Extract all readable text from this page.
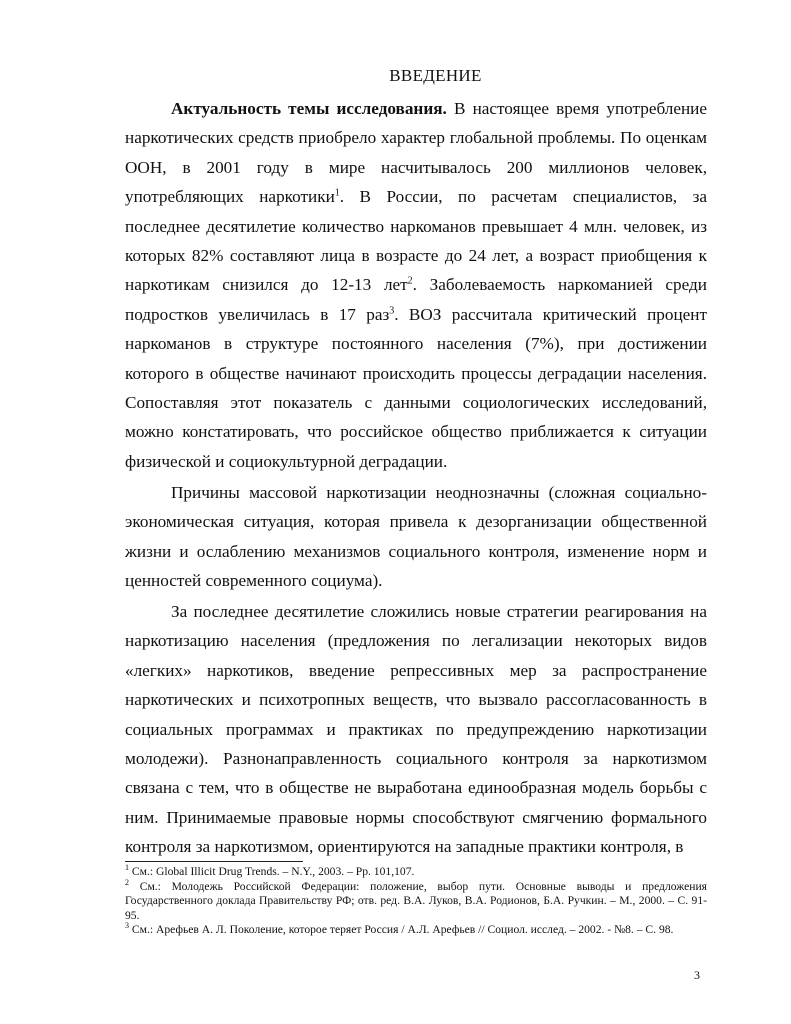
ВВЕДЕНИЕ

Актуальность темы исследования. В настоящее время употребление наркотических средств приобрело характер глобальной проблемы. По оценкам ООН, в 2001 году в мире насчитывалось 200 миллионов человек, употребляющих наркотики$^1$. В России, по расчетам специалистов, за последнее десятилетие количество наркоманов превышает 4 млн. человек, из которых 82% составляют лица в возрасте до 24 лет, а возраст приобщения к наркотикам снизился до 12-13 лет$^2$. Заболеваемость наркоманией среди подростков увеличилась в 17 раз$^3$. ВОЗ рассчитала критический процент наркоманов в структуре постоянного населения (7%), при достижении которого в обществе начинают происходить процессы деградации населения. Сопоставляя этот показатель с данными социологических исследований, можно констатировать, что российское общество приближается к ситуации физической и социокультурной деградации.

Причины массовой наркотизации неоднозначны (сложная социально-экономическая ситуация, которая привела к дезорганизации общественной жизни и ослаблению механизмов социального контроля, изменение норм и ценностей современного социума).

За последнее десятилетие сложились новые стратегии реагирования на наркотизацию населения (предложения по легализации некоторых видов «легких» наркотиков, введение репрессивных мер за распространение наркотических и психотропных веществ, что вызвало рассогласованность в социальных программах и практиках по предупреждению наркотизации молодежи). Разнонаправленность социального контроля за наркотизмом связана с тем, что в обществе не выработана единообразная модель борьбы с ним. Принимаемые правовые нормы способствуют смягчению формального контроля за наркотизмом, ориентируются на западные практики контроля, в

$^1$ См.: Global Illicit Drug Trends. – N.Y., 2003. – Pp. 101,107.

$^2$ См.: Молодежь Российской Федерации: положение, выбор пути. Основные выводы и предложения Государственного доклада Правительству РФ; отв. ред. В.А. Луков, В.А. Родионов, Б.А. Ручкин. – М., 2000. – С. 91-95.

$^3$ См.: Арефьев А. Л. Поколение, которое теряет Россия / А.Л. Арефьев // Социол. исслед. – 2002. - №8. – С. 98.

3
